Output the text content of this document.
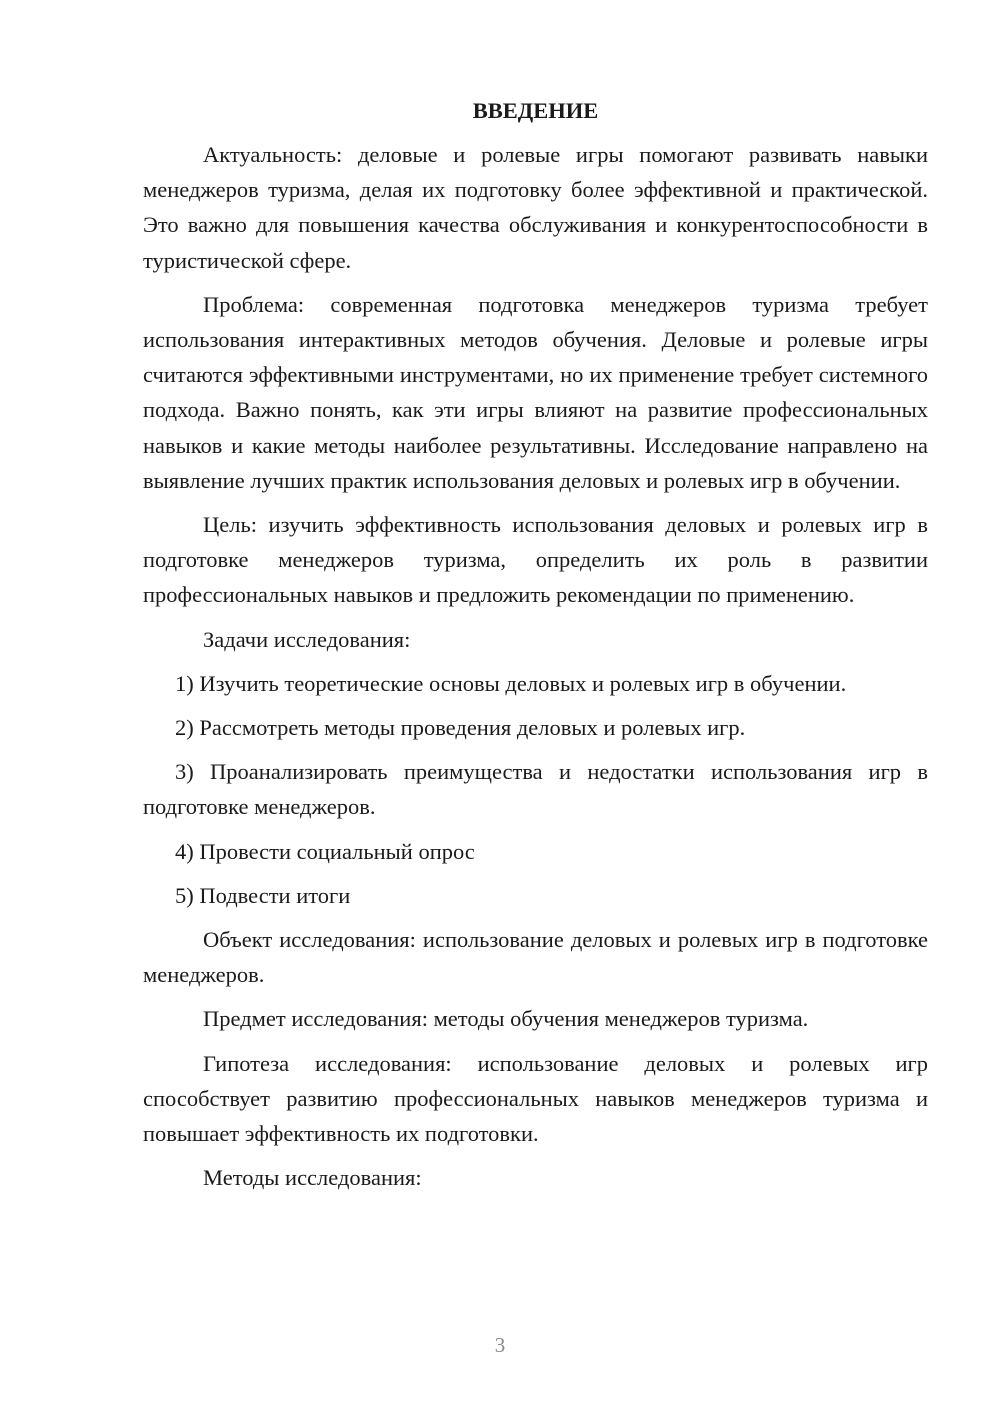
ВВЕДЕНИЕ

Актуальность: деловые и ролевые игры помогают развивать навыки менеджеров туризма, делая их подготовку более эффективной и практической. Это важно для повышения качества обслуживания и конкурентоспособности в туристической сфере.

Проблема: современная подготовка менеджеров туризма требует использования интерактивных методов обучения. Деловые и ролевые игры считаются эффективными инструментами, но их применение требует системного подхода. Важно понять, как эти игры влияют на развитие профессиональных навыков и какие методы наиболее результативны. Исследование направлено на выявление лучших практик использования деловых и ролевых игр в обучении.

Цель: изучить эффективность использования деловых и ролевых игр в подготовке менеджеров туризма, определить их роль в развитии профессиональных навыков и предложить рекомендации по применению.

Задачи исследования:

1) Изучить теоретические основы деловых и ролевых игр в обучении.

2) Рассмотреть методы проведения деловых и ролевых игр.

3) Проанализировать преимущества и недостатки использования игр в подготовке менеджеров.

4) Провести социальный опрос

5) Подвести итоги

Объект исследования: использование деловых и ролевых игр в подготовке менеджеров.

Предмет исследования: методы обучения менеджеров туризма.

Гипотеза исследования: использование деловых и ролевых игр способствует развитию профессиональных навыков менеджеров туризма и повышает эффективность их подготовки.

Методы исследования:

3
